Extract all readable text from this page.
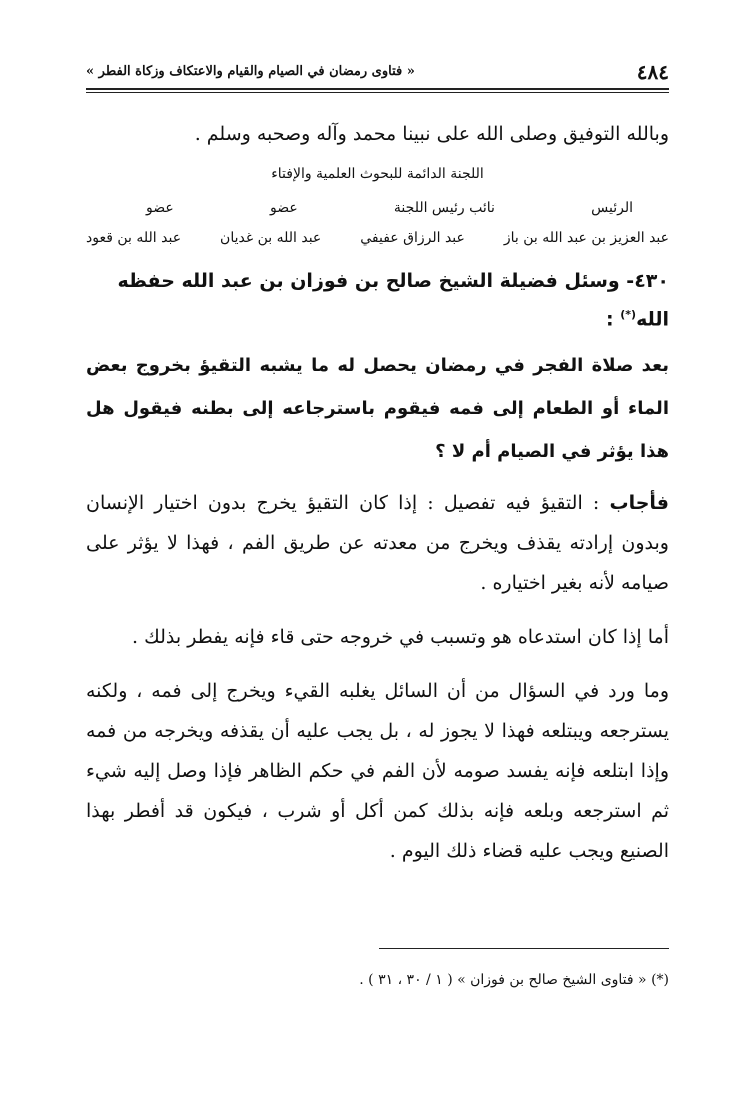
٤٨٤
« فتاوى رمضان في الصيام والقيام والاعتكاف وزكاة الفطر »
وبالله التوفيق وصلى الله على نبينا محمد وآله وصحبه وسلم .
اللجنة الدائمة للبحوث العلمية والإفتاء
الرئيس
نائب رئيس اللجنة
عضو
عضو
عبد العزيز بن عبد الله بن باز
عبد الرزاق عفيفي
عبد الله بن غديان
عبد الله بن قعود
٤٣٠- وسئل فضيلة الشيخ صالح بن فوزان بن عبد الله حفظه الله(*) :
بعد صلاة الفجر في رمضان يحصل له ما يشبه التقيؤ بخروج بعض الماء أو الطعام إلى فمه فيقوم باسترجاعه إلى بطنه فيقول هل هذا يؤثر في الصيام أم لا ؟
فأجاب : التقيؤ فيه تفصيل : إذا كان التقيؤ يخرج بدون اختيار الإنسان وبدون إرادته يقذف ويخرج من معدته عن طريق الفم ، فهذا لا يؤثر على صيامه لأنه بغير اختياره .
أما إذا كان استدعاه هو وتسبب في خروجه حتى قاء فإنه يفطر بذلك .
وما ورد في السؤال من أن السائل يغلبه القيء ويخرج إلى فمه ، ولكنه يسترجعه ويبتلعه فهذا لا يجوز له ، بل يجب عليه أن يقذفه ويخرجه من فمه وإذا ابتلعه فإنه يفسد صومه لأن الفم في حكم الظاهر فإذا وصل إليه شيء ثم استرجعه وبلعه فإنه بذلك كمن أكل أو شرب ، فيكون قد أفطر بهذا الصنيع ويجب عليه قضاء ذلك اليوم .
(*) « فتاوى الشيخ صالح بن فوزان » ( ١ / ٣٠ ، ٣١ ) .
